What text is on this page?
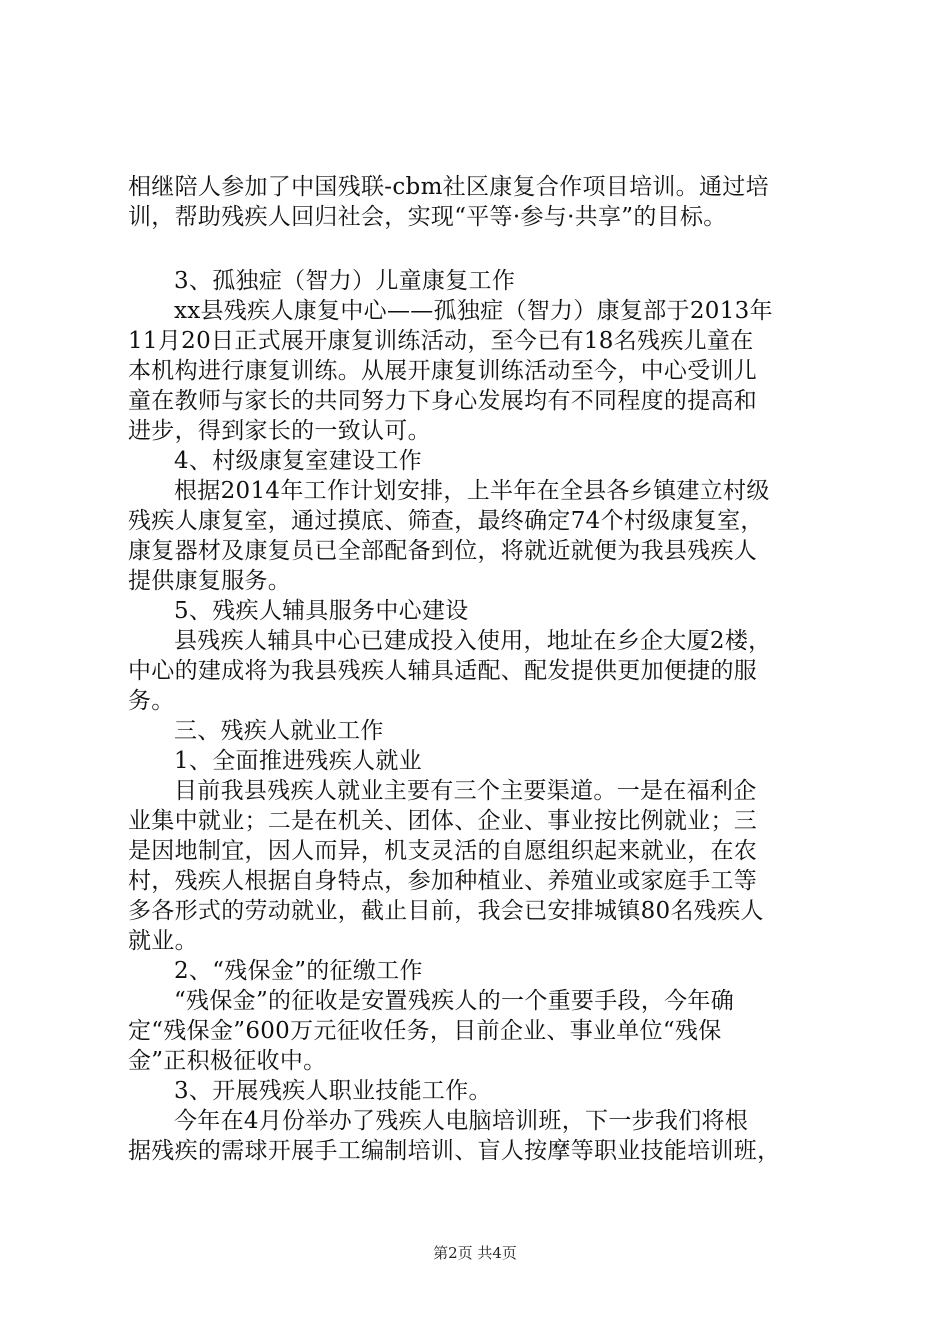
相继陪人参加了中国残联-cbm社区康复合作项目培训。通过培
训，帮助残疾人回归社会，实现“平等·参与·共享”的目标。
3、孤独症（智力）儿童康复工作
xx县残疾人康复中心——孤独症（智力）康复部于2013年
11月20日正式展开康复训练活动，至今已有18名残疾儿童在
本机构进行康复训练。从展开康复训练活动至今，中心受训儿
童在教师与家长的共同努力下身心发展均有不同程度的提高和
进步，得到家长的一致认可。
4、村级康复室建设工作
根据2014年工作计划安排，上半年在全县各乡镇建立村级
残疾人康复室，通过摸底、筛查，最终确定74个村级康复室，
康复器材及康复员已全部配备到位，将就近就便为我县残疾人
提供康复服务。
5、残疾人辅具服务中心建设
县残疾人辅具中心已建成投入使用，地址在乡企大厦2楼，
中心的建成将为我县残疾人辅具适配、配发提供更加便捷的服
务。
三、残疾人就业工作
1、全面推进残疾人就业
目前我县残疾人就业主要有三个主要渠道。一是在福利企
业集中就业；二是在机关、团体、企业、事业按比例就业；三
是因地制宜，因人而异，机支灵活的自愿组织起来就业，在农
村，残疾人根据自身特点，参加种植业、养殖业或家庭手工等
多各形式的劳动就业，截止目前，我会已安排城镇80名残疾人
就业。
2、“残保金”的征缴工作
“残保金”的征收是安置残疾人的一个重要手段，今年确
定“残保金”600万元征收任务，目前企业、事业单位“残保
金”正积极征收中。
3、开展残疾人职业技能工作。
今年在4月份举办了残疾人电脑培训班，下一步我们将根
据残疾的需球开展手工编制培训、盲人按摩等职业技能培训班，
第2页 共4页
